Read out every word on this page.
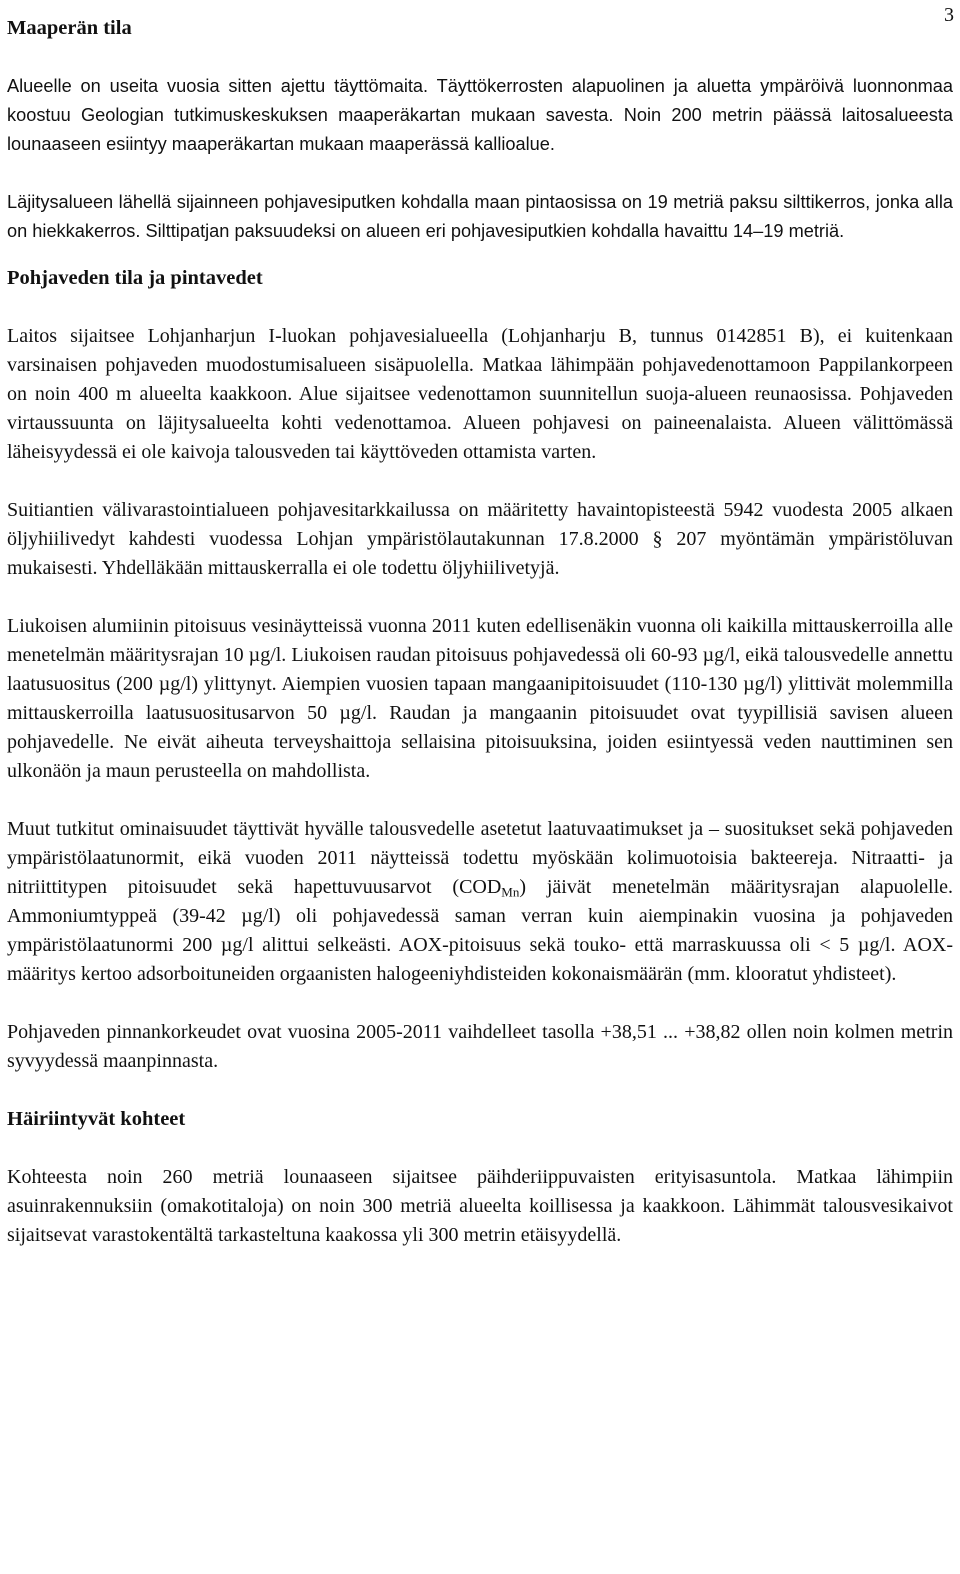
3
Maaperän tila

Alueelle on useita vuosia sitten ajettu täyttömaita. Täyttökerrosten alapuolinen ja aluetta ympäröivä luonnonmaa koostuu Geologian tutkimuskeskuksen maaperäkartan mukaan savesta. Noin 200 metrin päässä laitosalueesta lounaaseen esiintyy maaperäkartan mukaan maaperässä kallioalue.

Läjitysalueen lähellä sijainneen pohjavesiputken kohdalla maan pintaosissa on 19 metriä paksu silttikerros, jonka alla on hiekkakerros. Silttipatjan paksuudeksi on alueen eri pohjavesiputkien kohdalla havaittu 14–19 metriä.

Pohjaveden tila ja pintavedet

Laitos sijaitsee Lohjanharjun I-luokan pohjavesialueella (Lohjanharju B, tunnus 0142851 B), ei kuitenkaan varsinaisen pohjaveden muodostumisalueen sisäpuolella. Matkaa lähimpään pohjavedenottamoon Pappilankorpeen on noin 400 m alueelta kaakkoon. Alue sijaitsee vedenottamon suunnitellun suoja-alueen reunaosissa. Pohjaveden virtaussuunta on läjitysalueelta kohti vedenottamoa. Alueen pohjavesi on paineenalaista. Alueen välittömässä läheisyydessä ei ole kaivoja talousveden tai käyttöveden ottamista varten.

Suitiantien välivarastointialueen pohjavesitarkkailussa on määritetty havaintopisteestä 5942 vuodesta 2005 alkaen öljyhiilivedyt kahdesti vuodessa Lohjan ympäristölautakunnan 17.8.2000 § 207 myöntämän ympäristöluvan mukaisesti. Yhdelläkään mittauskerralla ei ole todettu öljyhiilivetyjä.

Liukoisen alumiinin pitoisuus vesinäytteissä vuonna 2011 kuten edellisenäkin vuonna oli kaikilla mittauskerroilla alle menetelmän määritysrajan 10 µg/l. Liukoisen raudan pitoisuus pohjavedessä oli 60-93 µg/l, eikä talousvedelle annettu laatusuositus (200 µg/l) ylittynyt. Aiempien vuosien tapaan mangaanipitoisuudet (110-130 µg/l) ylittivät molemmilla mittauskerroilla laatusuositusarvon 50 µg/l. Raudan ja mangaanin pitoisuudet ovat tyypillisiä savisen alueen pohjavedelle. Ne eivät aiheuta terveyshaittoja sellaisina pitoisuuksina, joiden esiintyessä veden nauttiminen sen ulkonäön ja maun perusteella on mahdollista.

Muut tutkitut ominaisuudet täyttivät hyvälle talousvedelle asetetut laatuvaatimukset ja – suositukset sekä pohjaveden ympäristölaatunormit, eikä vuoden 2011 näytteissä todettu myöskään kolimuotoisia bakteereja. Nitraatti- ja nitriittitypen pitoisuudet sekä hapettuvuusarvot $(COD_{Mn})$ jäivät menetelmän määritysrajan alapuolelle. Ammoniumtyppeä (39-42 µg/l) oli pohjavedessä saman verran kuin aiempinakin vuosina ja pohjaveden ympäristölaatunormi 200 µg/l alittui selkeästi. AOX-pitoisuus sekä touko- että marraskuussa oli < 5 µg/l. AOX-määritys kertoo adsorboituneiden orgaanisten halogeeniyhdisteiden kokonaismäärän (mm. klooratut yhdisteet).

Pohjaveden pinnankorkeudet ovat vuosina 2005-2011 vaihdelleet tasolla +38,51 ... +38,82 ollen noin kolmen metrin syvyydessä maanpinnasta.

Häiriintyvät kohteet

Kohteesta noin 260 metriä lounaaseen sijaitsee päihderiippuvaisten erityisasuntola. Matkaa lähimpiin asuinrakennuksiin (omakotitaloja) on noin 300 metriä alueelta koillisessa ja kaakkoon. Lähimmät talousvesikaivot sijaitsevat varastokentältä tarkasteltuna kaakossa yli 300 metrin etäisyydellä.
